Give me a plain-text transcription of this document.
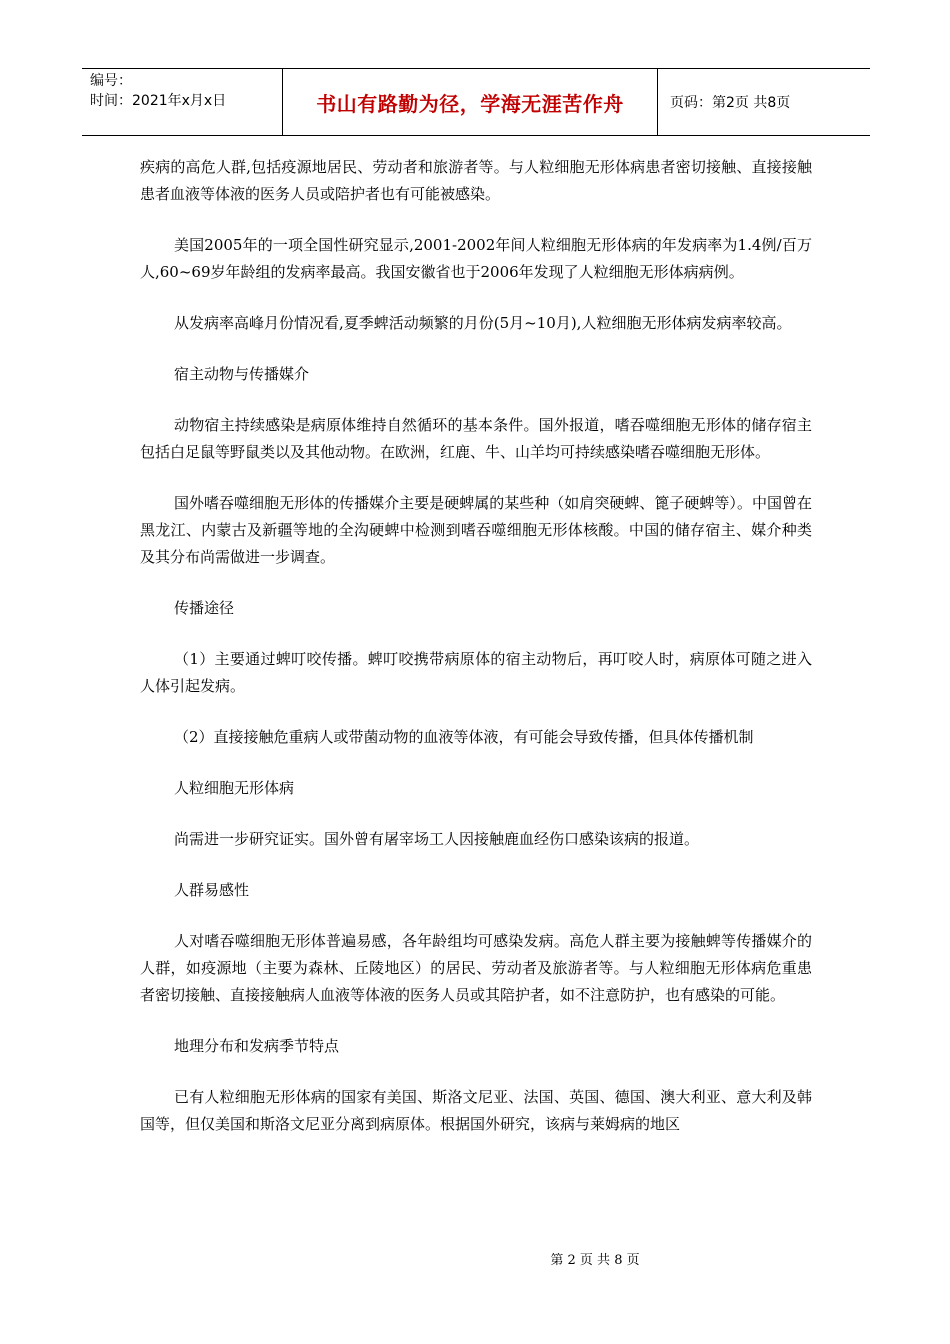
编号：
时间：2021年x月x日	书山有路勤为径，学海无涯苦作舟	页码：第2页 共8页

疾病的高危人群,包括疫源地居民、劳动者和旅游者等。与人粒细胞无形体病患者密切接触、直接接触患者血液等体液的医务人员或陪护者也有可能被感染。

美国2005年的一项全国性研究显示,2001-2002年间人粒细胞无形体病的年发病率为1.4例/百万人,60~69岁年龄组的发病率最高。我国安徽省也于2006年发现了人粒细胞无形体病病例。

从发病率高峰月份情况看,夏季蜱活动频繁的月份(5月~10月),人粒细胞无形体病发病率较高。

宿主动物与传播媒介

动物宿主持续感染是病原体维持自然循环的基本条件。国外报道，嗜吞噬细胞无形体的储存宿主包括白足鼠等野鼠类以及其他动物。在欧洲，红鹿、牛、山羊均可持续感染嗜吞噬细胞无形体。

国外嗜吞噬细胞无形体的传播媒介主要是硬蜱属的某些种（如肩突硬蜱、篦子硬蜱等）。中国曾在黑龙江、内蒙古及新疆等地的全沟硬蜱中检测到嗜吞噬细胞无形体核酸。中国的储存宿主、媒介种类及其分布尚需做进一步调查。

传播途径

（1）主要通过蜱叮咬传播。蜱叮咬携带病原体的宿主动物后，再叮咬人时，病原体可随之进入人体引起发病。

（2）直接接触危重病人或带菌动物的血液等体液，有可能会导致传播，但具体传播机制

人粒细胞无形体病

尚需进一步研究证实。国外曾有屠宰场工人因接触鹿血经伤口感染该病的报道。

人群易感性

人对嗜吞噬细胞无形体普遍易感，各年龄组均可感染发病。高危人群主要为接触蜱等传播媒介的人群，如疫源地（主要为森林、丘陵地区）的居民、劳动者及旅游者等。与人粒细胞无形体病危重患者密切接触、直接接触病人血液等体液的医务人员或其陪护者，如不注意防护，也有感染的可能。

地理分布和发病季节特点

已有人粒细胞无形体病的国家有美国、斯洛文尼亚、法国、英国、德国、澳大利亚、意大利及韩国等，但仅美国和斯洛文尼亚分离到病原体。根据国外研究，该病与莱姆病的地区

第 2 页 共 8 页
